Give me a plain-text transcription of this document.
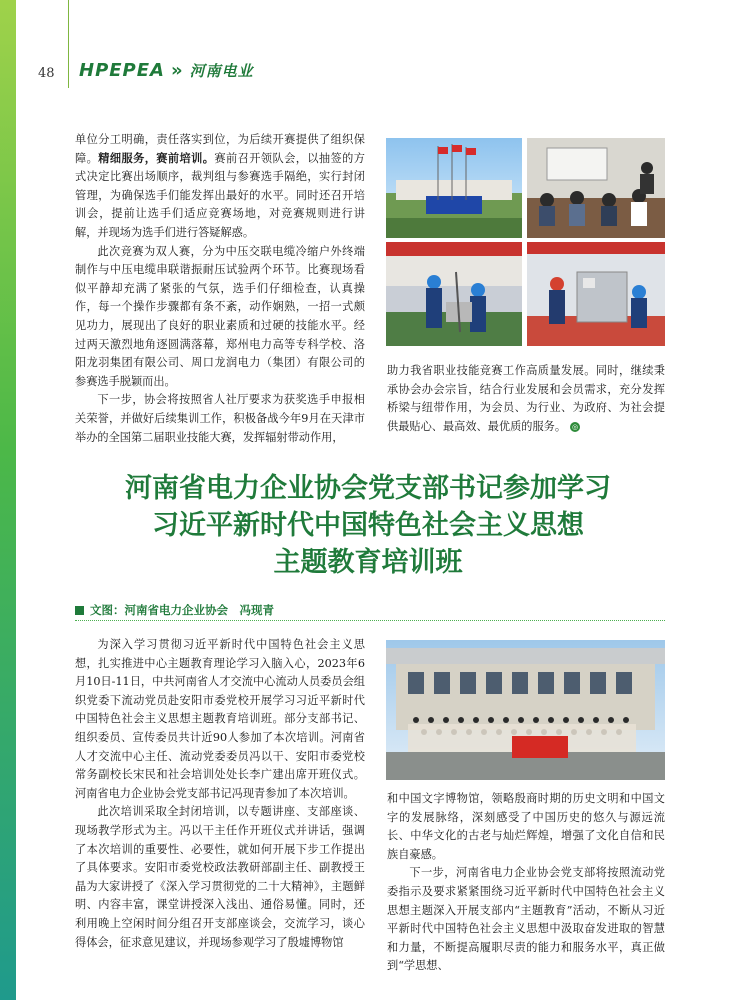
48 HPEPEA » 河南电业

单位分工明确，责任落实到位，为后续开赛提供了组织保障。精细服务，赛前培训。赛前召开领队会，以抽签的方式决定比赛出场顺序，裁判组与参赛选手隔绝，实行封闭管理，为确保选手们能发挥出最好的水平。同时还召开培训会，提前让选手们适应竞赛场地，对竞赛规则进行讲解，并现场为选手们进行答疑解惑。

此次竞赛为双人赛，分为中压交联电缆冷缩户外终端制作与中压电缆串联谐振耐压试验两个环节。比赛现场看似平静却充满了紧张的气氛，选手们仔细检查，认真操作，每一个操作步骤都有条不紊，动作娴熟，一招一式颇见功力，展现出了良好的职业素质和过硬的技能水平。经过两天激烈地角逐圆满落幕，郑州电力高等专科学校、洛阳龙羽集团有限公司、周口龙润电力（集团）有限公司的参赛选手脱颖而出。

下一步，协会将按照省人社厅要求为获奖选手申报相关荣誉，并做好后续集训工作，积极备战今年9月在天津市举办的全国第二届职业技能大赛，发挥辐射带动作用，

助力我省职业技能竞赛工作高质量发展。同时，继续秉承协会办会宗旨，结合行业发展和会员需求，充分发挥桥梁与纽带作用，为会员、为行业、为政府、为社会提供最贴心、最高效、最优质的服务。 ◎

河南省电力企业协会党支部书记参加学习
习近平新时代中国特色社会主义思想
主题教育培训班
文图：河南省电力企业协会　冯现青

为深入学习贯彻习近平新时代中国特色社会主义思想，扎实推进中心主题教育理论学习入脑入心，2023年6月10日-11日，中共河南省人才交流中心流动人员委员会组织党委下流动党员赴安阳市委党校开展学习习近平新时代中国特色社会主义思想主题教育培训班。部分支部书记、组织委员、宣传委员共计近90人参加了本次培训。河南省人才交流中心主任、流动党委委员冯以干、安阳市委党校常务副校长宋民和社会培训处处长李广建出席开班仪式。河南省电力企业协会党支部书记冯现青参加了本次培训。

此次培训采取全封闭培训，以专题讲座、支部座谈、现场教学形式为主。冯以干主任作开班仪式并讲话，强调了本次培训的重要性、必要性，就如何开展下步工作提出了具体要求。安阳市委党校政法教研部副主任、副教授王晶为大家讲授了《深入学习贯彻党的二十大精神》，主题鲜明、内容丰富，课堂讲授深入浅出、通俗易懂。同时，还利用晚上空闲时间分组召开支部座谈会，交流学习，谈心得体会，征求意见建议，并现场参观学习了殷墟博物馆

和中国文字博物馆，领略殷商时期的历史文明和中国文字的发展脉络，深刻感受了中国历史的悠久与源远流长、中华文化的古老与灿烂辉煌，增强了文化自信和民族自豪感。

下一步，河南省电力企业协会党支部将按照流动党委指示及要求紧紧围绕习近平新时代中国特色社会主义思想主题深入开展支部内“主题教育”活动，不断从习近平新时代中国特色社会主义思想中汲取奋发进取的智慧和力量，不断提高履职尽责的能力和服务水平，真正做到“学思想、
